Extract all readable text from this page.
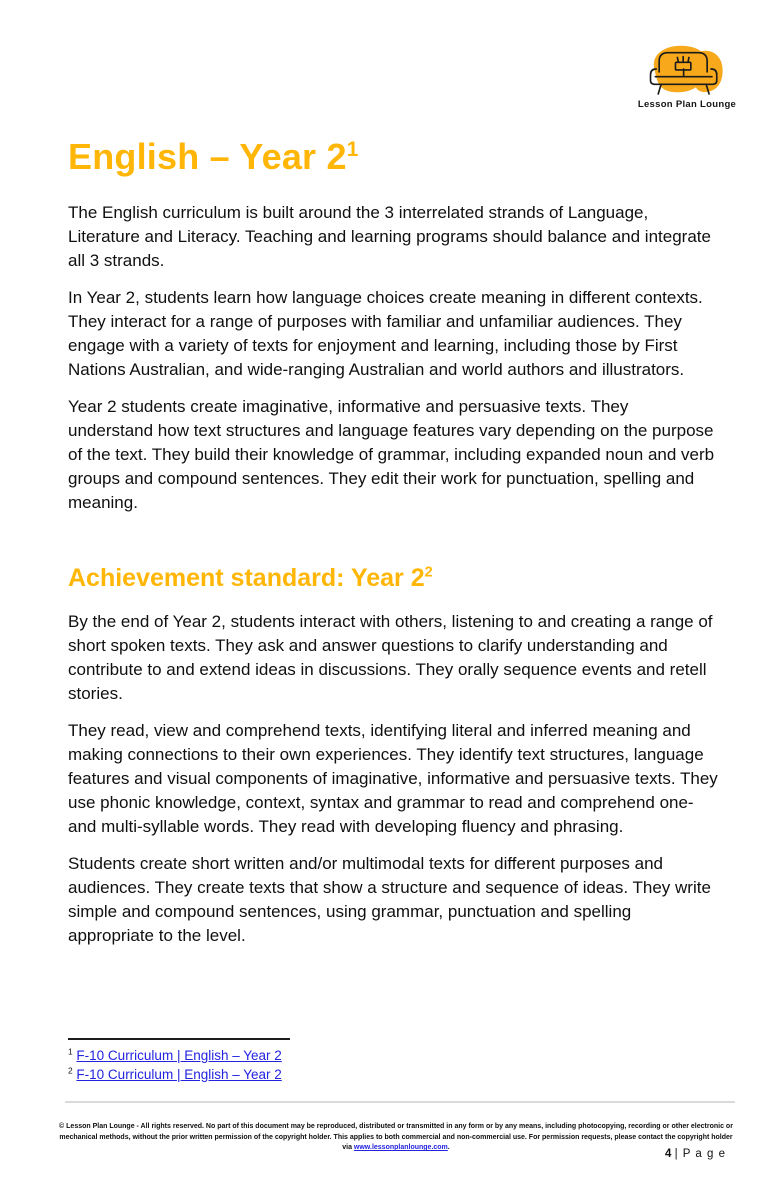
Lesson Plan Lounge
English – Year $2^1$

The English curriculum is built around the 3 interrelated strands of Language, Literature and Literacy. Teaching and learning programs should balance and integrate all 3 strands.

In Year 2, students learn how language choices create meaning in different contexts. They interact for a range of purposes with familiar and unfamiliar audiences. They engage with a variety of texts for enjoyment and learning, including those by First Nations Australian, and wide-ranging Australian and world authors and illustrators.

Year 2 students create imaginative, informative and persuasive texts. They understand how text structures and language features vary depending on the purpose of the text. They build their knowledge of grammar, including expanded noun and verb groups and compound sentences. They edit their work for punctuation, spelling and meaning.

Achievement standard: Year $2^2$

By the end of Year 2, students interact with others, listening to and creating a range of short spoken texts. They ask and answer questions to clarify understanding and contribute to and extend ideas in discussions. They orally sequence events and retell stories.

They read, view and comprehend texts, identifying literal and inferred meaning and making connections to their own experiences. They identify text structures, language features and visual components of imaginative, informative and persuasive texts. They use phonic knowledge, context, syntax and grammar to read and comprehend one- and multi-syllable words. They read with developing fluency and phrasing.

Students create short written and/or multimodal texts for different purposes and audiences. They create texts that show a structure and sequence of ideas. They write simple and compound sentences, using grammar, punctuation and spelling appropriate to the level.

$^1$ F-10 Curriculum | English – Year 2
$^2$ F-10 Curriculum | English – Year 2
© Lesson Plan Lounge - All rights reserved. No part of this document may be reproduced, distributed or transmitted in any form or by any means, including photocopying, recording or other electronic or mechanical methods, without the prior written permission of the copyright holder. This applies to both commercial and non-commercial use. For permission requests, please contact the copyright holder via www.lessonplanlounge.com.
4 | P a g e
